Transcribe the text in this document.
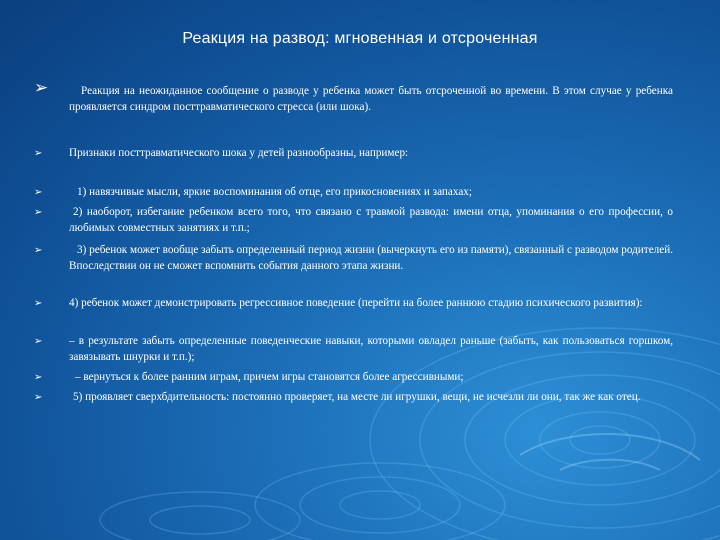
Реакция на развод: мгновенная и отсроченная
➢	Реакция на неожиданное сообщение о разводе у ребенка может быть отсроченной во времени. В этом случае у ребенка проявляется синдром посттравматического стресса (или шока).
➢	Признаки посттравматического шока у детей разнообразны, например:
➢	1) навязчивые мысли, яркие воспоминания об отце, его прикосновениях и запахах;
➢	2) наоборот, избегание ребенком всего того, что связано с травмой развода: имени отца, упоминания о его профессии, о любимых совместных занятиях и т.п.;
➢	3) ребенок может вообще забыть определенный период жизни (вычеркнуть его из памяти), связанный с разводом родителей. Впоследствии он не сможет вспомнить события данного этапа жизни.
➢	4) ребенок может демонстрировать регрессивное поведение (перейти на более раннюю стадию психического развития):
➢	– в результате забыть определенные поведенческие навыки, которыми овладел раньше (забыть, как пользоваться горшком, завязывать шнурки и т.п.);
➢	– вернуться к более ранним играм, причем игры становятся более агрессивными;
➢	5) проявляет сверхбдительность: постоянно проверяет, на месте ли игрушки, вещи, не исчезли ли они, так же как отец.
